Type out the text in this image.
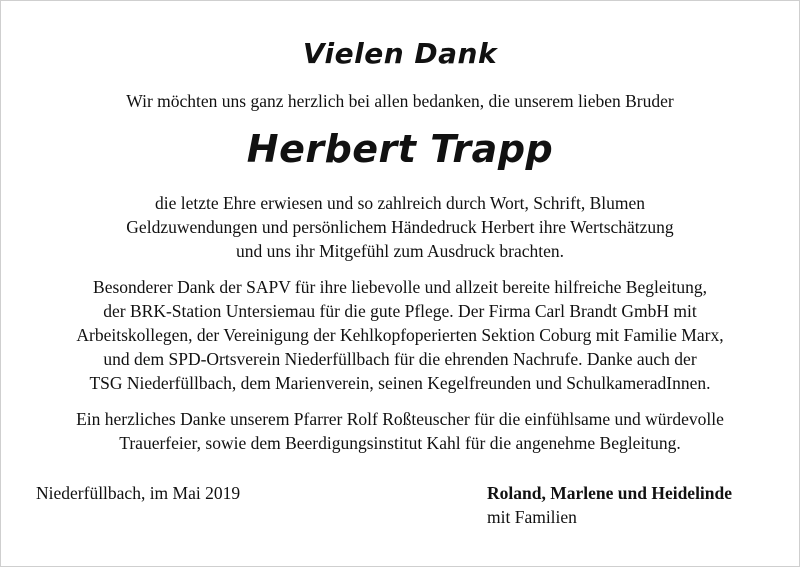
Vielen Dank
Wir möchten uns ganz herzlich bei allen bedanken, die unserem lieben Bruder
Herbert Trapp
die letzte Ehre erwiesen und so zahlreich durch Wort, Schrift, Blumen
Geldzuwendungen und persönlichem Händedruck Herbert ihre Wertschätzung
und uns ihr Mitgefühl zum Ausdruck brachten.
Besonderer Dank der SAPV für ihre liebevolle und allzeit bereite hilfreiche Begleitung,
der BRK-Station Untersiemau für die gute Pflege. Der Firma Carl Brandt GmbH mit
Arbeitskollegen, der Vereinigung der Kehlkopfoperierten Sektion Coburg mit Familie Marx,
und dem SPD-Ortsverein Niederfüllbach für die ehrenden Nachrufe. Danke auch der
TSG Niederfüllbach, dem Marienverein, seinen Kegelfreunden und SchulkameradInnen.
Ein herzliches Danke unserem Pfarrer Rolf Roßteuscher für die einfühlsame und würdevolle
Trauerfeier, sowie dem Beerdigungsinstitut Kahl für die angenehme Begleitung.
Niederfüllbach, im Mai 2019	Roland, Marlene und Heidelinde
mit Familien
